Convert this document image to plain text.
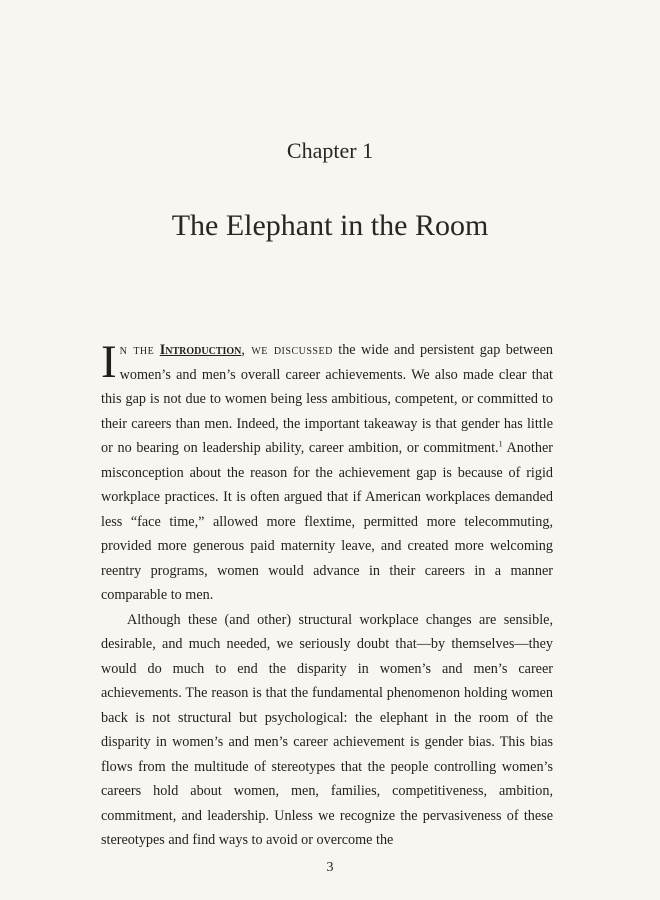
Chapter 1
The Elephant in the Room

In the Introduction, we discussed the wide and persistent gap between women’s and men’s overall career achievements. We also made clear that this gap is not due to women being less ambitious, competent, or committed to their careers than men. Indeed, the important takeaway is that gender has little or no bearing on leadership ability, career ambition, or commitment.$^1$ Another misconception about the reason for the achievement gap is because of rigid workplace practices. It is often argued that if American workplaces demanded less “face time,” allowed more flextime, permitted more telecommuting, provided more generous paid maternity leave, and created more welcoming reentry programs, women would advance in their careers in a manner comparable to men.

Although these (and other) structural workplace changes are sensible, desirable, and much needed, we seriously doubt that—by themselves—they would do much to end the disparity in women’s and men’s career achievements. The reason is that the fundamental phenomenon holding women back is not structural but psychological: the elephant in the room of the disparity in women’s and men’s career achievement is gender bias. This bias flows from the multitude of stereotypes that the people controlling women’s careers hold about women, men, families, competitiveness, ambition, commitment, and leadership. Unless we recognize the pervasiveness of these stereotypes and find ways to avoid or overcome the

3
